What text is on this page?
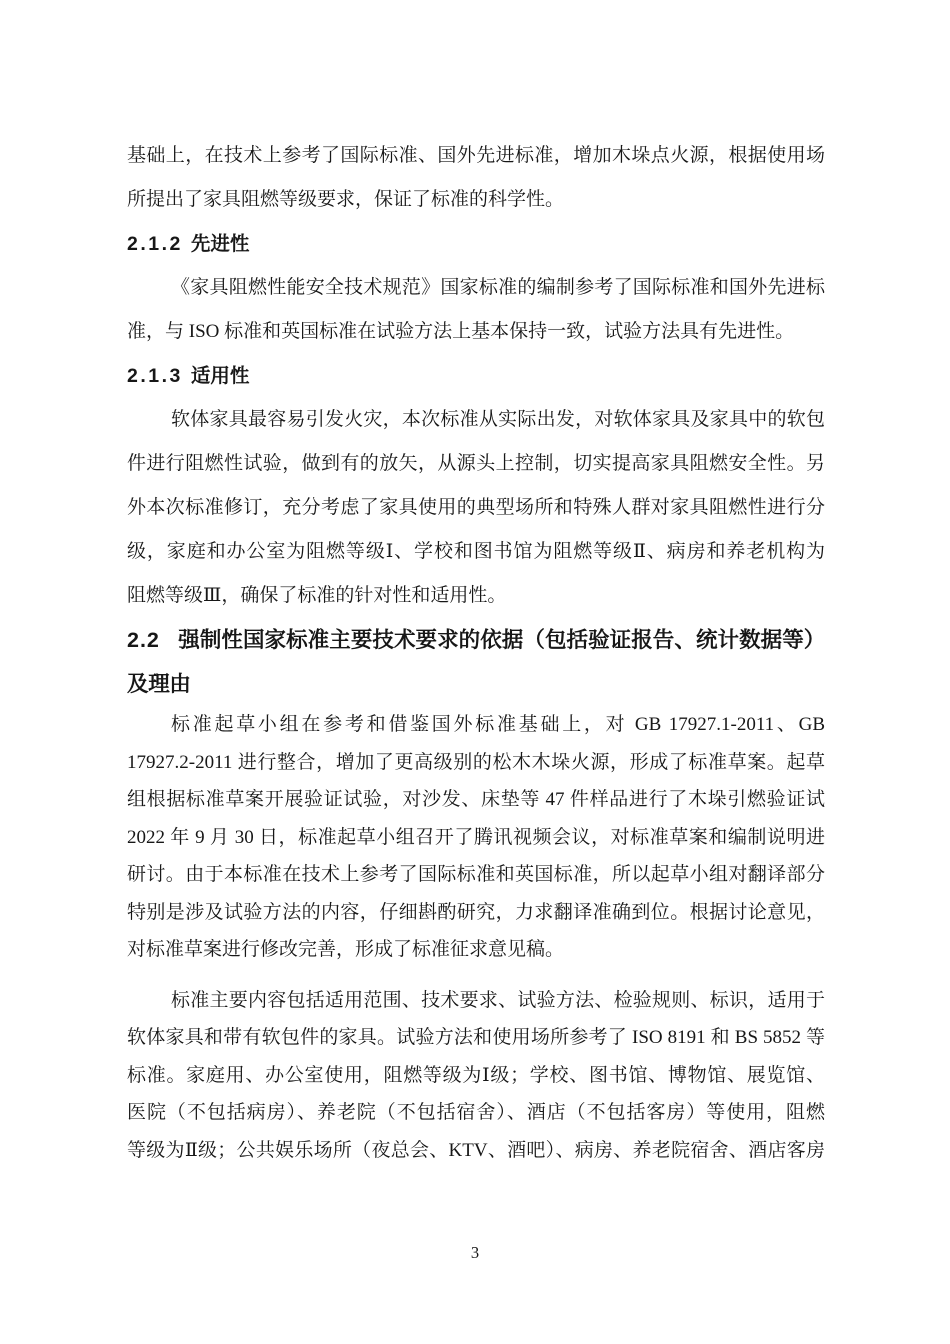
基础上，在技术上参考了国际标准、国外先进标准，增加木垛点火源，根据使用场
所提出了家具阻燃等级要求，保证了标准的科学性。
2.1.2 先进性
《家具阻燃性能安全技术规范》国家标准的编制参考了国际标准和国外先进标
准，与 ISO 标准和英国标准在试验方法上基本保持一致，试验方法具有先进性。
2.1.3 适用性
软体家具最容易引发火灾，本次标准从实际出发，对软体家具及家具中的软包
件进行阻燃性试验，做到有的放矢，从源头上控制，切实提高家具阻燃安全性。另
外本次标准修订，充分考虑了家具使用的典型场所和特殊人群对家具阻燃性进行分
级，家庭和办公室为阻燃等级Ⅰ、学校和图书馆为阻燃等级Ⅱ、病房和养老机构为
阻燃等级Ⅲ，确保了标准的针对性和适用性。
2.2 强制性国家标准主要技术要求的依据（包括验证报告、统计数据等）
及理由
标准起草小组在参考和借鉴国外标准基础上，对 GB 17927.1-2011、GB
17927.2-2011 进行整合，增加了更高级别的松木木垛火源，形成了标准草案。起草
组根据标准草案开展验证试验，对沙发、床垫等 47 件样品进行了木垛引燃验证试
2022 年 9 月 30 日，标准起草小组召开了腾讯视频会议，对标准草案和编制说明进
研讨。由于本标准在技术上参考了国际标准和英国标准，所以起草小组对翻译部分
特别是涉及试验方法的内容，仔细斟酌研究，力求翻译准确到位。根据讨论意见，
对标准草案进行修改完善，形成了标准征求意见稿。
标准主要内容包括适用范围、技术要求、试验方法、检验规则、标识，适用于
软体家具和带有软包件的家具。试验方法和使用场所参考了 ISO 8191 和 BS 5852 等
标准。家庭用、办公室使用，阻燃等级为Ⅰ级；学校、图书馆、博物馆、展览馆、
医院（不包括病房）、养老院（不包括宿舍）、酒店（不包括客房）等使用，阻燃
等级为Ⅱ级；公共娱乐场所（夜总会、KTV、酒吧）、病房、养老院宿舍、酒店客房
3
